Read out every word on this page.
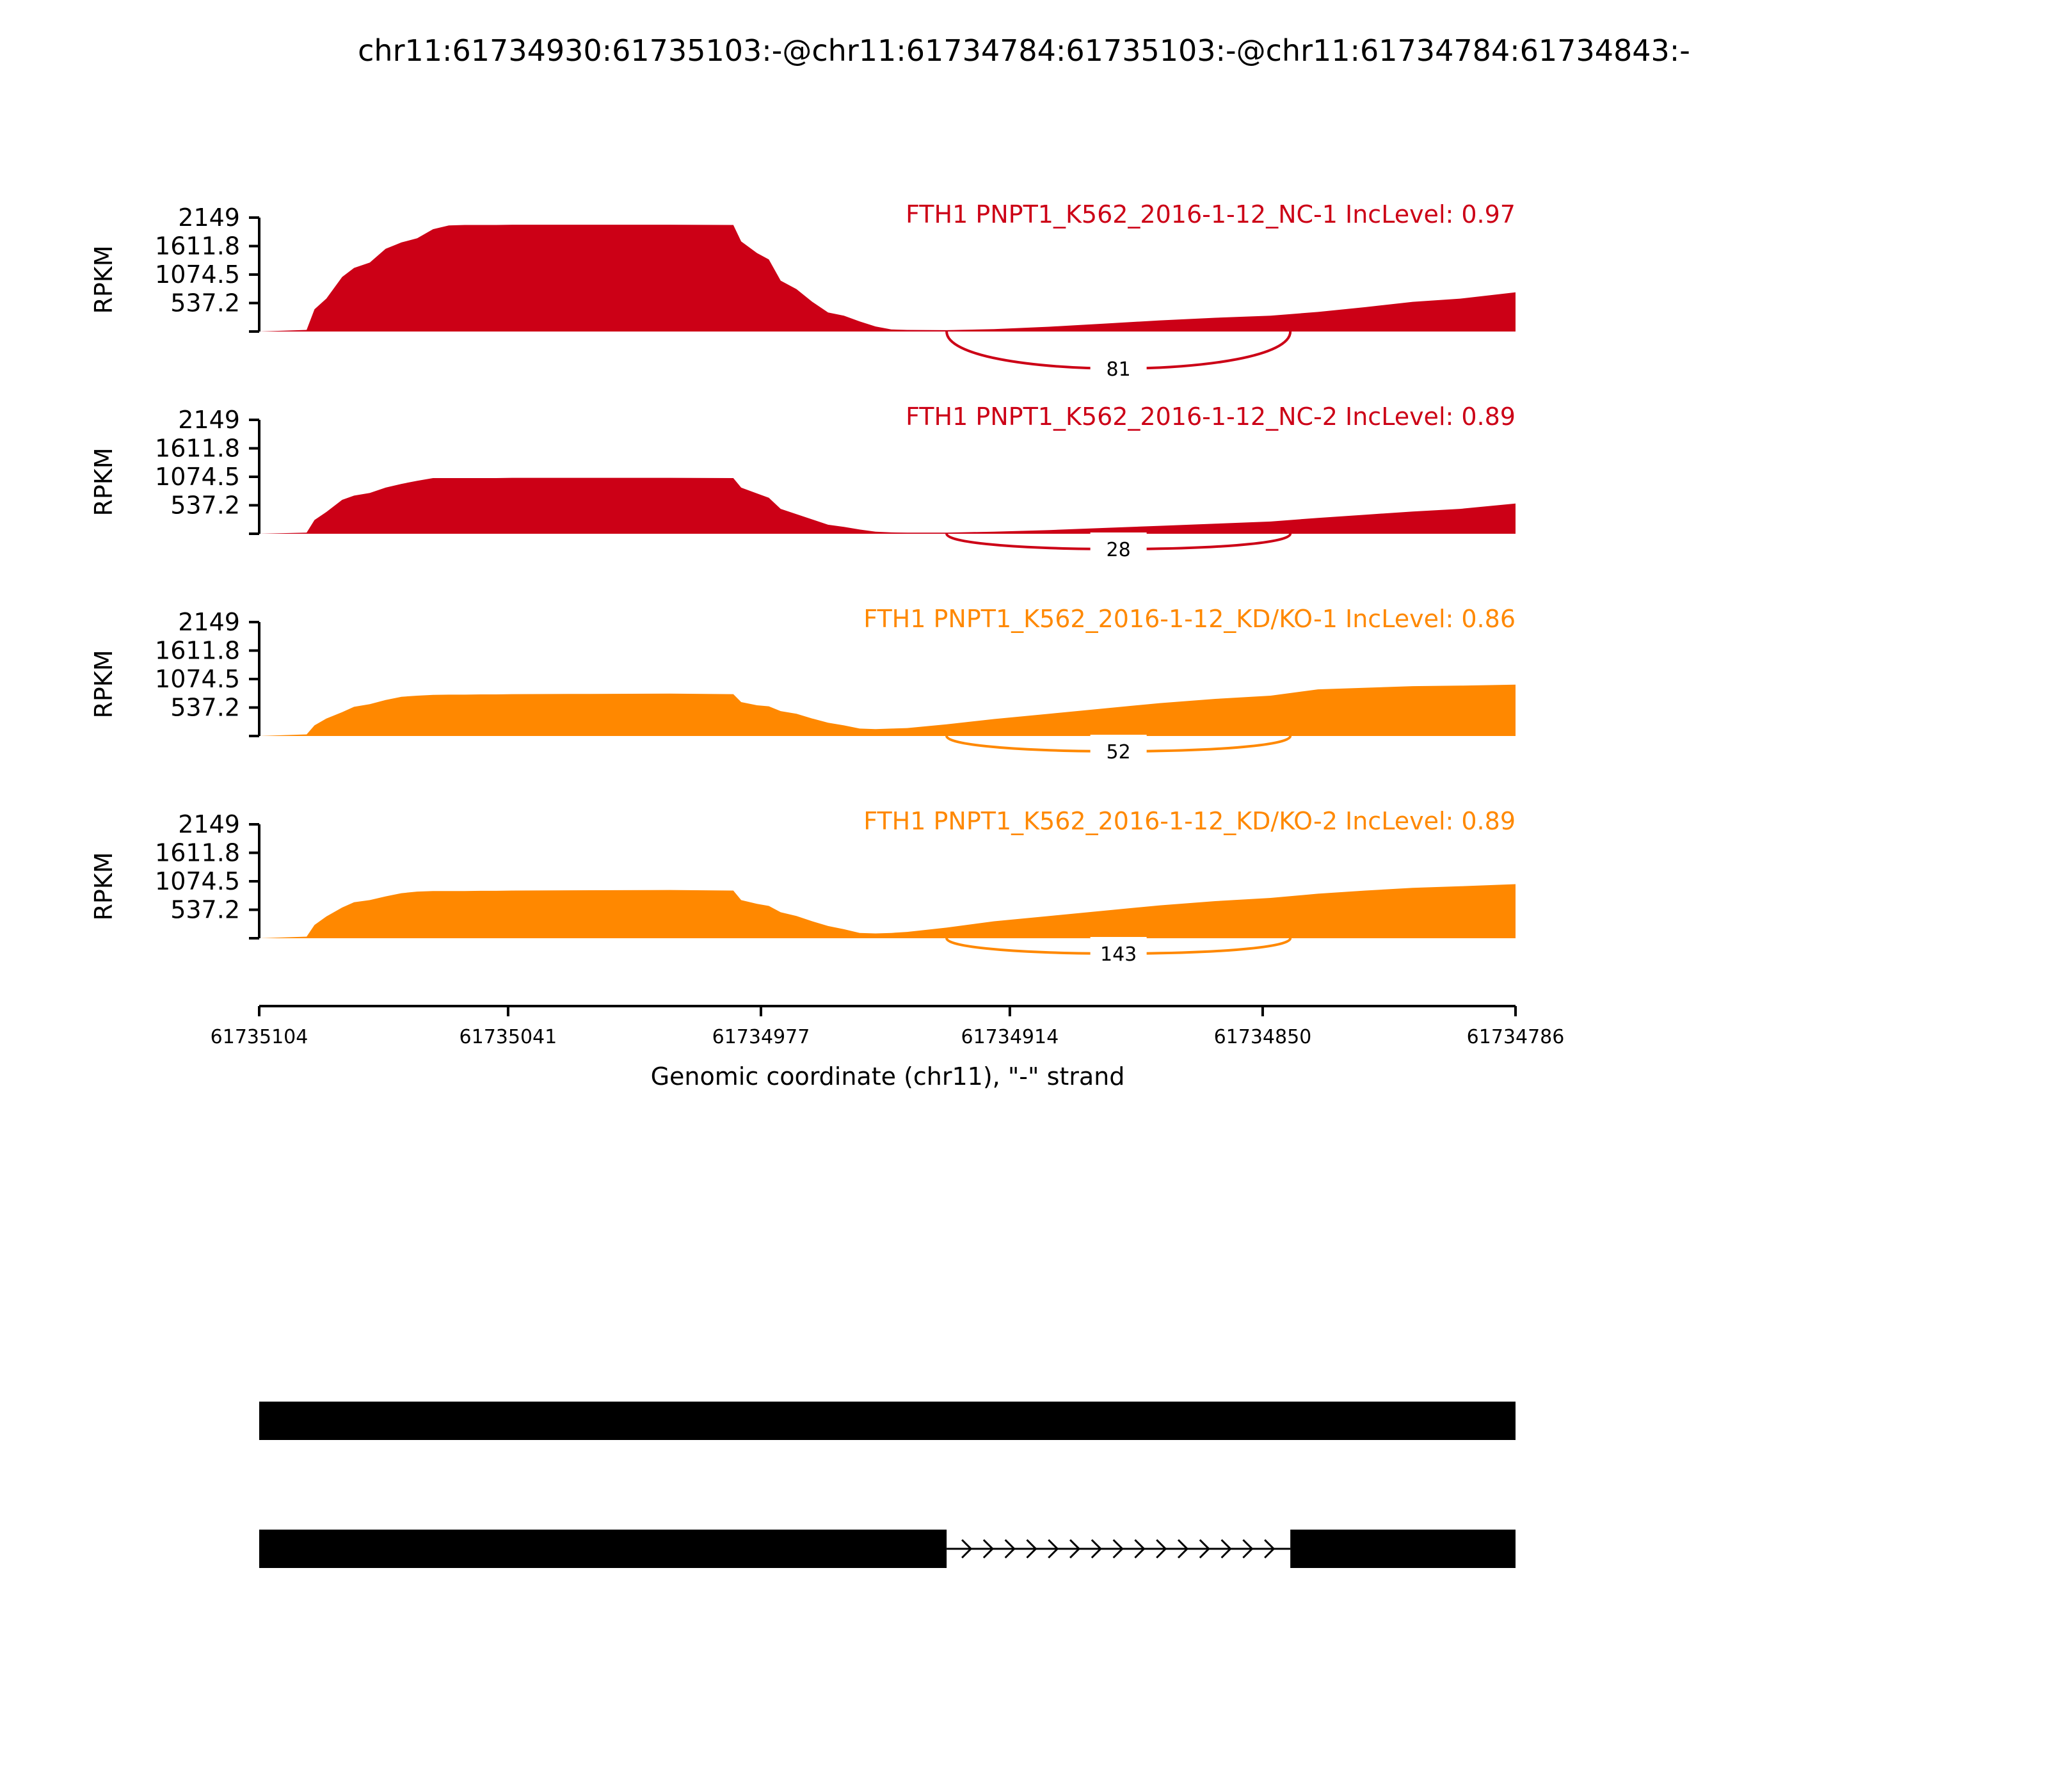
chr11:61734930:61735103:-@chr11:61734784:61735103:-@chr11:61734784:61734843:-
2149
1611.8
1074.5
537.2
RPKM
FTH1 PNPT1_K562_2016-1-12_NC-1 IncLevel: 0.97
81
2149
1611.8
1074.5
537.2
RPKM
FTH1 PNPT1_K562_2016-1-12_NC-2 IncLevel: 0.89
28
2149
1611.8
1074.5
537.2
RPKM
FTH1 PNPT1_K562_2016-1-12_KD/KO-1 IncLevel: 0.86
52
2149
1611.8
1074.5
537.2
RPKM
FTH1 PNPT1_K562_2016-1-12_KD/KO-2 IncLevel: 0.89
143
61735104	61735041	61734977	61734914	61734850	61734786
Genomic coordinate (chr11), "-" strand
